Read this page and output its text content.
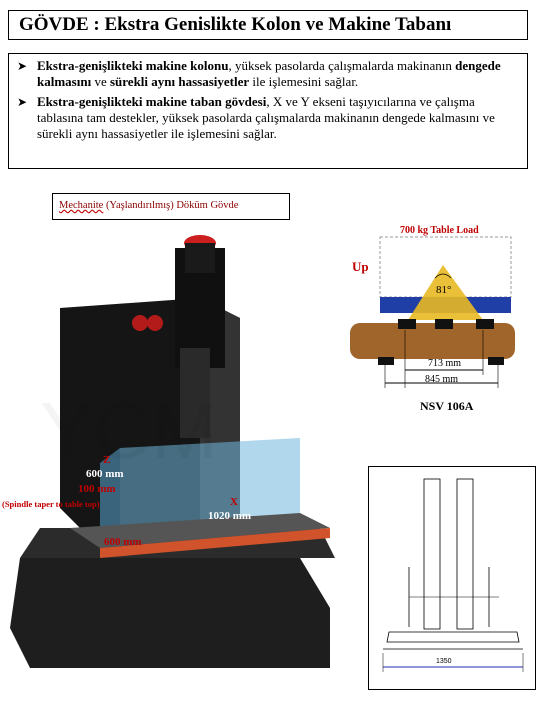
GÖVDE : Ekstra Genislikte Kolon ve Makine Tabanı
➤ Ekstra-genişlikteki makine kolonu, yüksek pasolarda çalışmalarda makinanın dengede kalmasını ve sürekli aynı hassasiyetler ile işlemesini sağlar.
➤ Ekstra-genişlikteki makine taban gövdesi, X ve Y ekseni taşıyıcılarına ve çalışma tablasına tam destekler, yüksek pasolarda çalışmalarda makinanın dengede kalmasını ve sürekli aynı hassasiyetler ile işlemesini sağlar.
Mechanite (Yaşlandırılmış) Döküm Gövde
Z
600 mm
100 mm
(Spindle taper to table top)	X
1020 mm
600 mm
700 kg Table Load
Up
81°
713 mm
845 mm
NSV 106A
1350
